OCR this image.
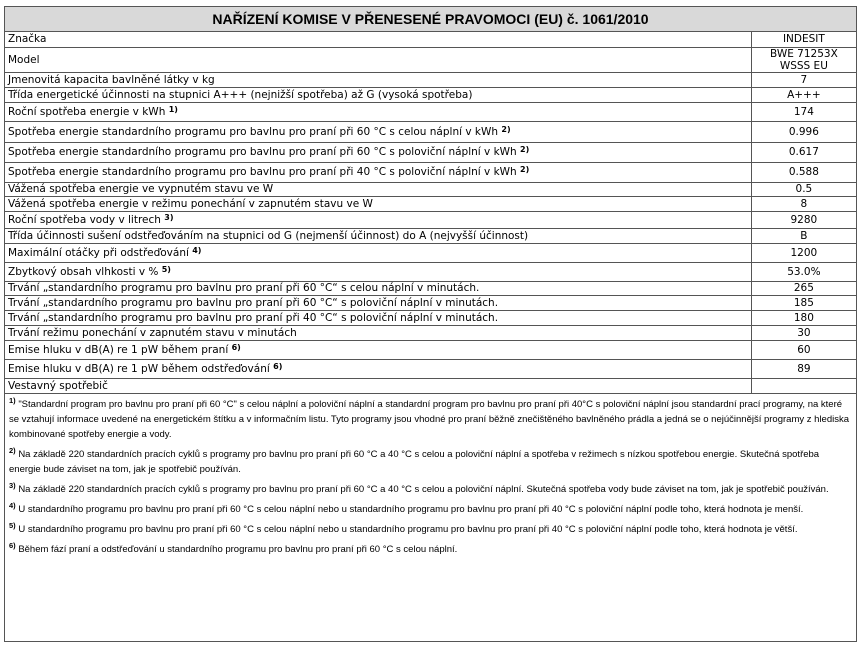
NAŘÍZENÍ KOMISE V PŘENESENÉ PRAVOMOCI (EU) č. 1061/2010
Značka	INDESIT
Model	BWE 71253X
WSSS EU
Jmenovitá kapacita bavlněné látky v kg	7
Třída energetické účinnosti na stupnici A+++ (nejnižší spotřeba) až G (vysoká spotřeba)	A+++
Roční spotřeba energie v kWh $^{1)}$	174
Spotřeba energie standardního programu pro bavlnu pro praní při 60 °C s celou náplní v kWh $^{2)}$	0.996
Spotřeba energie standardního programu pro bavlnu pro praní při 60 °C s poloviční náplní v kWh $^{2)}$	0.617
Spotřeba energie standardního programu pro bavlnu pro praní při 40 °C s poloviční náplní v kWh $^{2)}$	0.588
Vážená spotřeba energie ve vypnutém stavu ve W	0.5
Vážená spotřeba energie v režimu ponechání v zapnutém stavu ve W	8
Roční spotřeba vody v litrech $^{3)}$	9280
Třída účinnosti sušení odstřeďováním na stupnici od G (nejmenší účinnost) do A (nejvyšší účinnost)	B
Maximální otáčky při odstřeďování $^{4)}$	1200
Zbytkový obsah vlhkosti v % $^{5)}$	53.0%
Trvání „standardního programu pro bavlnu pro praní při 60 °C“ s celou náplní v minutách.	265
Trvání „standardního programu pro bavlnu pro praní při 60 °C“ s poloviční náplní v minutách.	185
Trvání „standardního programu pro bavlnu pro praní při 40 °C“ s poloviční náplní v minutách.	180
Trvání režimu ponechání v zapnutém stavu v minutách	30
Emise hluku v dB(A) re 1 pW během praní $^{6)}$	60
Emise hluku v dB(A) re 1 pW během odstřeďování $^{6)}$	89
Vestavný spotřebič	
$^{1)}$ "Standardní program pro bavlnu pro praní při 60 °C" s celou náplní a poloviční náplní a standardní program pro bavlnu pro praní při 40°C s poloviční náplní jsou standardní prací programy, na které se vztahují informace uvedené na energetickém štítku a v informačním listu. Tyto programy jsou vhodné pro praní běžně znečištěného bavlněného prádla a jedná se o nejúčinnější programy z hlediska kombinované spotřeby energie a vody.
$^{2)}$ Na základě 220 standardních pracích cyklů s programy pro bavlnu pro praní při 60 °C a 40 °C s celou a poloviční náplní a spotřeba v režimech s nízkou spotřebou energie. Skutečná spotřeba energie bude záviset na tom, jak je spotřebič používán.
$^{3)}$ Na základě 220 standardních pracích cyklů s programy pro bavlnu pro praní při 60 °C a 40 °C s celou a poloviční náplní. Skutečná spotřeba vody bude záviset na tom, jak je spotřebič používán.
$^{4)}$ U standardního programu pro bavlnu pro praní při 60 °C s celou náplní nebo u standardního programu pro bavlnu pro praní při 40 °C s poloviční náplní podle toho, která hodnota je menší.
$^{5)}$ U standardního programu pro bavlnu pro praní při 60 °C s celou náplní nebo u standardního programu pro bavlnu pro praní při 40 °C s poloviční náplní podle toho, která hodnota je větší.
$^{6)}$ Během fází praní a odstřeďování u standardního programu pro bavlnu pro praní při 60 °C s celou náplní.
